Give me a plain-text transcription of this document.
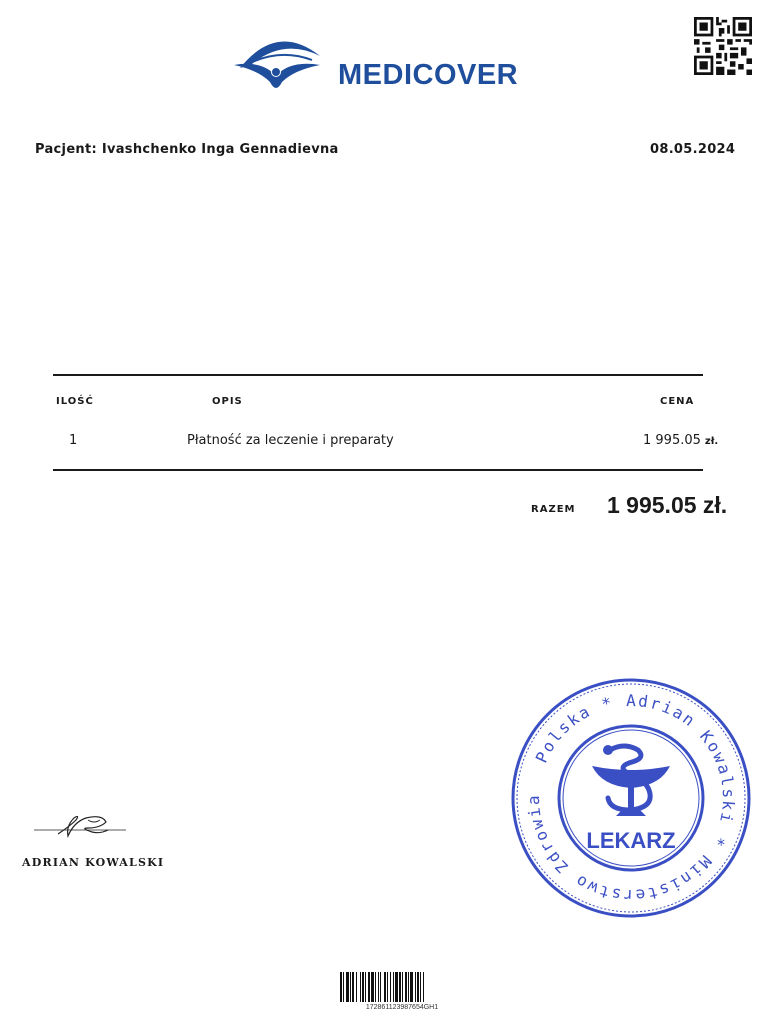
MEDICOVER
Pacjent: Ivashchenko Inga Gennadievna	08.05.2024
ILOŚĆ	OPIS	CENA
1	Płatność za leczenie i preparaty	1 995.05 zł.
RAZEM 1 995.05 zł.
ADRIAN KOWALSKI
Polska * Adrian Kowalski * Ministerstwo Zdrowia
LEKARZ
172861123987654GH1
